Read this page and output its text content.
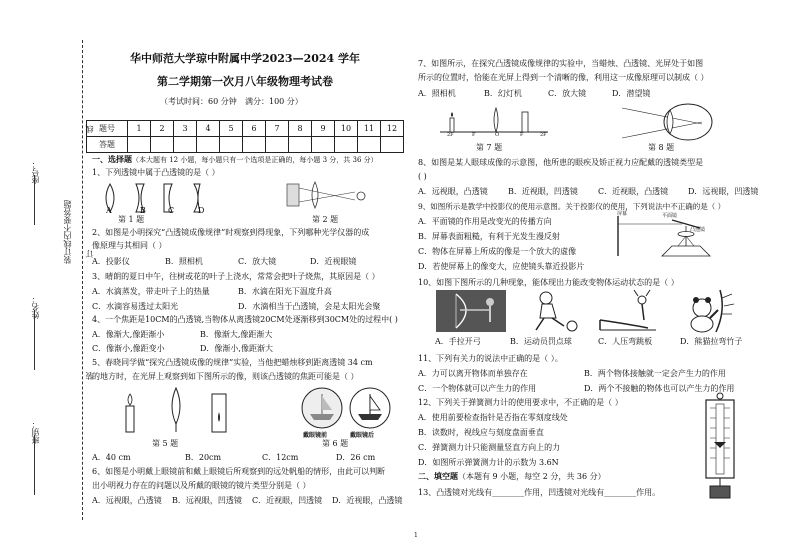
线
座号：
订
装订线内不要答题
姓名：
装
班别：
华中师范大学琼中附属中学2023—2024 学年
第二学期第一次月八年级物理考试卷
（考试时间：60 分钟 满分：100 分）
题号	1	2	3	4	5	6	7	8	9	10	11	12
答题												
一、选择题（本大题有 12 小题，每小题只有一个选项是正确的，每小题 3 分，共 36 分）
1、下列透镜中属于凸透镜的是（ ）
A	B	C	D
第 1 题	第 2 题
2、如图是小明探究“凸透镜成像规律”时观察到得现象，下列哪种光学仪器的成
像原理与其相同（ ）
A．投影仪	B．照相机	C．放大镜	D．近视眼镜
3、晴朗的夏日中午，往树或花的叶子上浇水，常常会把叶子烧焦，其原因是（ ）
A．水滴蒸发，带走叶子上的热量	B．水滴在阳光下温度升高
C．水滴容易透过太阳光	D．水滴相当于凸透镜，会是太阳光会聚
4、一个焦距是10CM的凸透镜,当物体从离透镜20CM处逐渐移到30CM处的过程中( )
A．像渐大,像距渐小	B．像渐大,像距渐大
C．像渐小,像距变小	D．像渐小,像距渐大
5、春晓同学做“探究凸透镜成像的规律”实验，当他把蜡烛移到距离透镜 34 cm
的地方时，在光屏上观察到如下图所示的像，则该凸透镜的焦距可能是（ ）
第 5 题
戴眼镜前	戴眼镜后
第 6 题
A．40 cm	B．20cm	C．12cm	D．26 cm
6、如图是小明戴上眼镜前和戴上眼镜后所观察到的远处帆船的情形，由此可以判断
出小明视力存在的问题以及所戴的眼镜的镜片类型分别是（ ）
A．远视眼，凸透镜 B．远视眼，凹透镜 C．近视眼，凹透镜 D．近视眼，凸透镜
7、如图所示，在探究凸透镜成像规律的实验中，当蜡烛、凸透镜、光屏处于如图
所示的位置时，恰能在光屏上得到一个清晰的像，利用这一成像原理可以制成（ ）
A．照相机	B．幻灯机	C．放大镜	D．潜望镜
2F	F	O	F	2F
第 7 题	第 8 题
8、如图是某人眼球成像的示意图，他所患的眼疾及矫正视力应配戴的透镜类型是
( )
A．远视眼，凸透镜	B．近视眼，凹透镜	C．近视眼，凸透镜 D．远视眼，凹透镜
9、如图所示是教学中投影仪的使用示意图。关于投影仪的使用，下列说法中不正确的是（ ）
A．平面镜的作用是改变光的传播方向
B．屏幕表面粗糙，有利于光发生漫反射
C．物体在屏幕上所成的像是一个放大的虚像
D．若使屏幕上的像变大，应使镜头靠近投影片
屏幕	平面镜
凸透镜
10、如图下图所示的几种现象，能体现出力能改变物体运动状态的是（ ）
A．手拉开弓	B．运动员罚点球	C．人压弯跳板	D．熊猫拉弯竹子
11、下列有关力的说法中正确的是（ ）。
A．力可以离开物体而单独存在	B．两个物体接触就一定会产生力的作用
C．一个物体就可以产生力的作用	D．两个不接触的物体也可以产生力的作用
12、下列关于弹簧测力计的使用要求中，不正确的是（ ）
A．使用前要检查指针是否指在零刻度线处
B．读数时，视线应与刻度盘面垂直
C．弹簧测力计只能测量竖直方向上的力
D．如图所示弹簧测力计的示数为 3.6N
二、填空题（本题有 9 小题，每空 2 分，共 36 分）
13、凸透镜对光线有________作用，凹透镜对光线有________作用。
1
